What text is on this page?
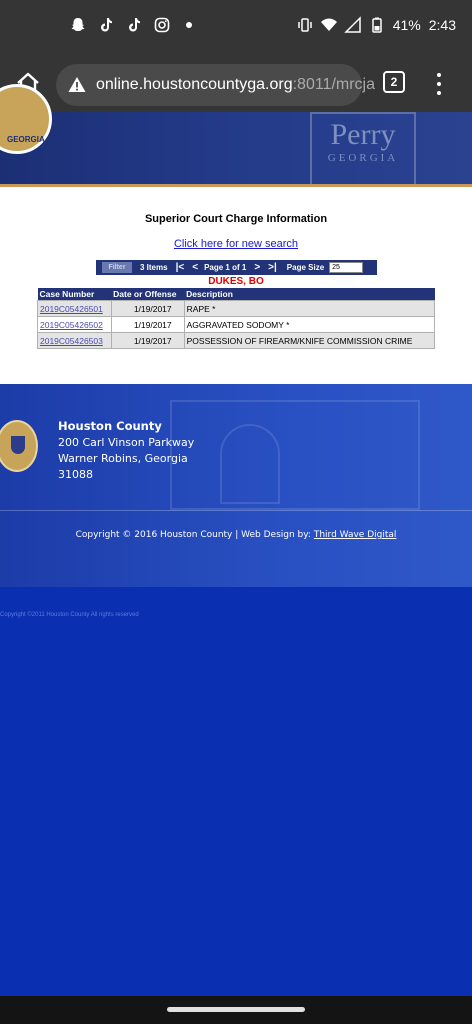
41% 2:43
online.houstoncountyga.org :8011/mrcja	2
GEORGIA	Perry
GEORGIA
Superior Court Charge Information
Click here for new search
Filter	3 Items |< < Page 1 of 1 > >| Page Size	25
DUKES, BO
Case Number	Date or Offense	Description
2019C05426501	1/19/2017	RAPE *
2019C05426502	1/19/2017	AGGRAVATED SODOMY *
2019C05426503	1/19/2017	POSSESSION OF FIREARM/KNIFE COMMISSION CRIME
Houston County
200 Carl Vinson Parkway
Warner Robins, Georgia
31088
Copyright © 2016 Houston County | Web Design by: Third Wave Digital
Copyright ©2011 Houston County All rights reserved
